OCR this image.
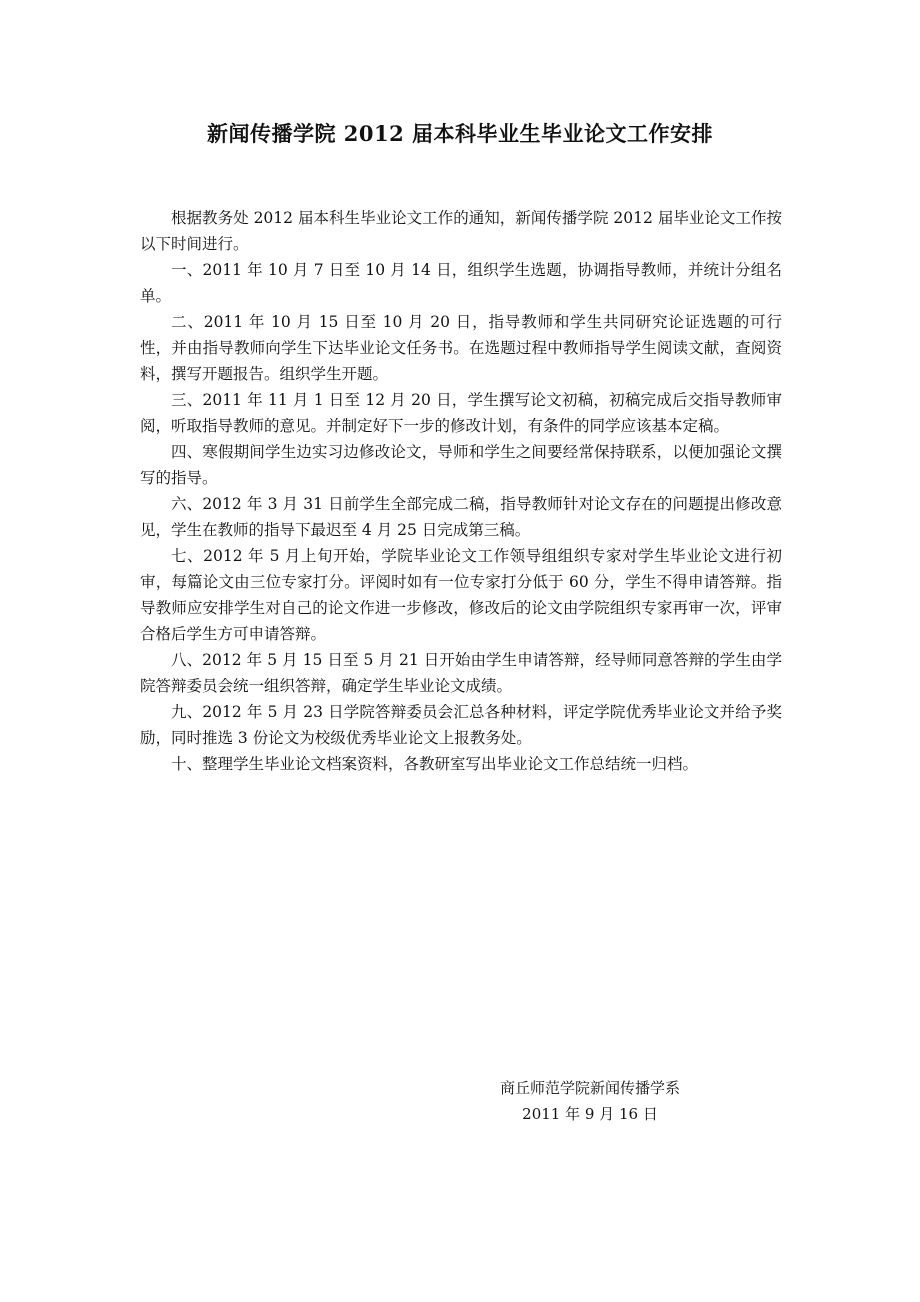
新闻传播学院 2012 届本科毕业生毕业论文工作安排

根据教务处 2012 届本科生毕业论文工作的通知，新闻传播学院 2012 届毕业论文工作按以下时间进行。

一、2011 年 10 月 7 日至 10 月 14 日，组织学生选题，协调指导教师，并统计分组名单。

二、2011 年 10 月 15 日至 10 月 20 日，指导教师和学生共同研究论证选题的可行性，并由指导教师向学生下达毕业论文任务书。在选题过程中教师指导学生阅读文献，查阅资料，撰写开题报告。组织学生开题。

三、2011 年 11 月 1 日至 12 月 20 日，学生撰写论文初稿，初稿完成后交指导教师审阅，听取指导教师的意见。并制定好下一步的修改计划，有条件的同学应该基本定稿。

四、寒假期间学生边实习边修改论文，导师和学生之间要经常保持联系，以便加强论文撰写的指导。

六、2012 年 3 月 31 日前学生全部完成二稿，指导教师针对论文存在的问题提出修改意见，学生在教师的指导下最迟至 4 月 25 日完成第三稿。

七、2012 年 5 月上旬开始，学院毕业论文工作领导组组织专家对学生毕业论文进行初审，每篇论文由三位专家打分。评阅时如有一位专家打分低于 60 分，学生不得申请答辩。指导教师应安排学生对自己的论文作进一步修改，修改后的论文由学院组织专家再审一次，评审合格后学生方可申请答辩。

八、2012 年 5 月 15 日至 5 月 21 日开始由学生申请答辩，经导师同意答辩的学生由学院答辩委员会统一组织答辩，确定学生毕业论文成绩。

九、2012 年 5 月 23 日学院答辩委员会汇总各种材料，评定学院优秀毕业论文并给予奖励，同时推选 3 份论文为校级优秀毕业论文上报教务处。

十、整理学生毕业论文档案资料，各教研室写出毕业论文工作总结统一归档。

商丘师范学院新闻传播学系
2011 年 9 月 16 日
